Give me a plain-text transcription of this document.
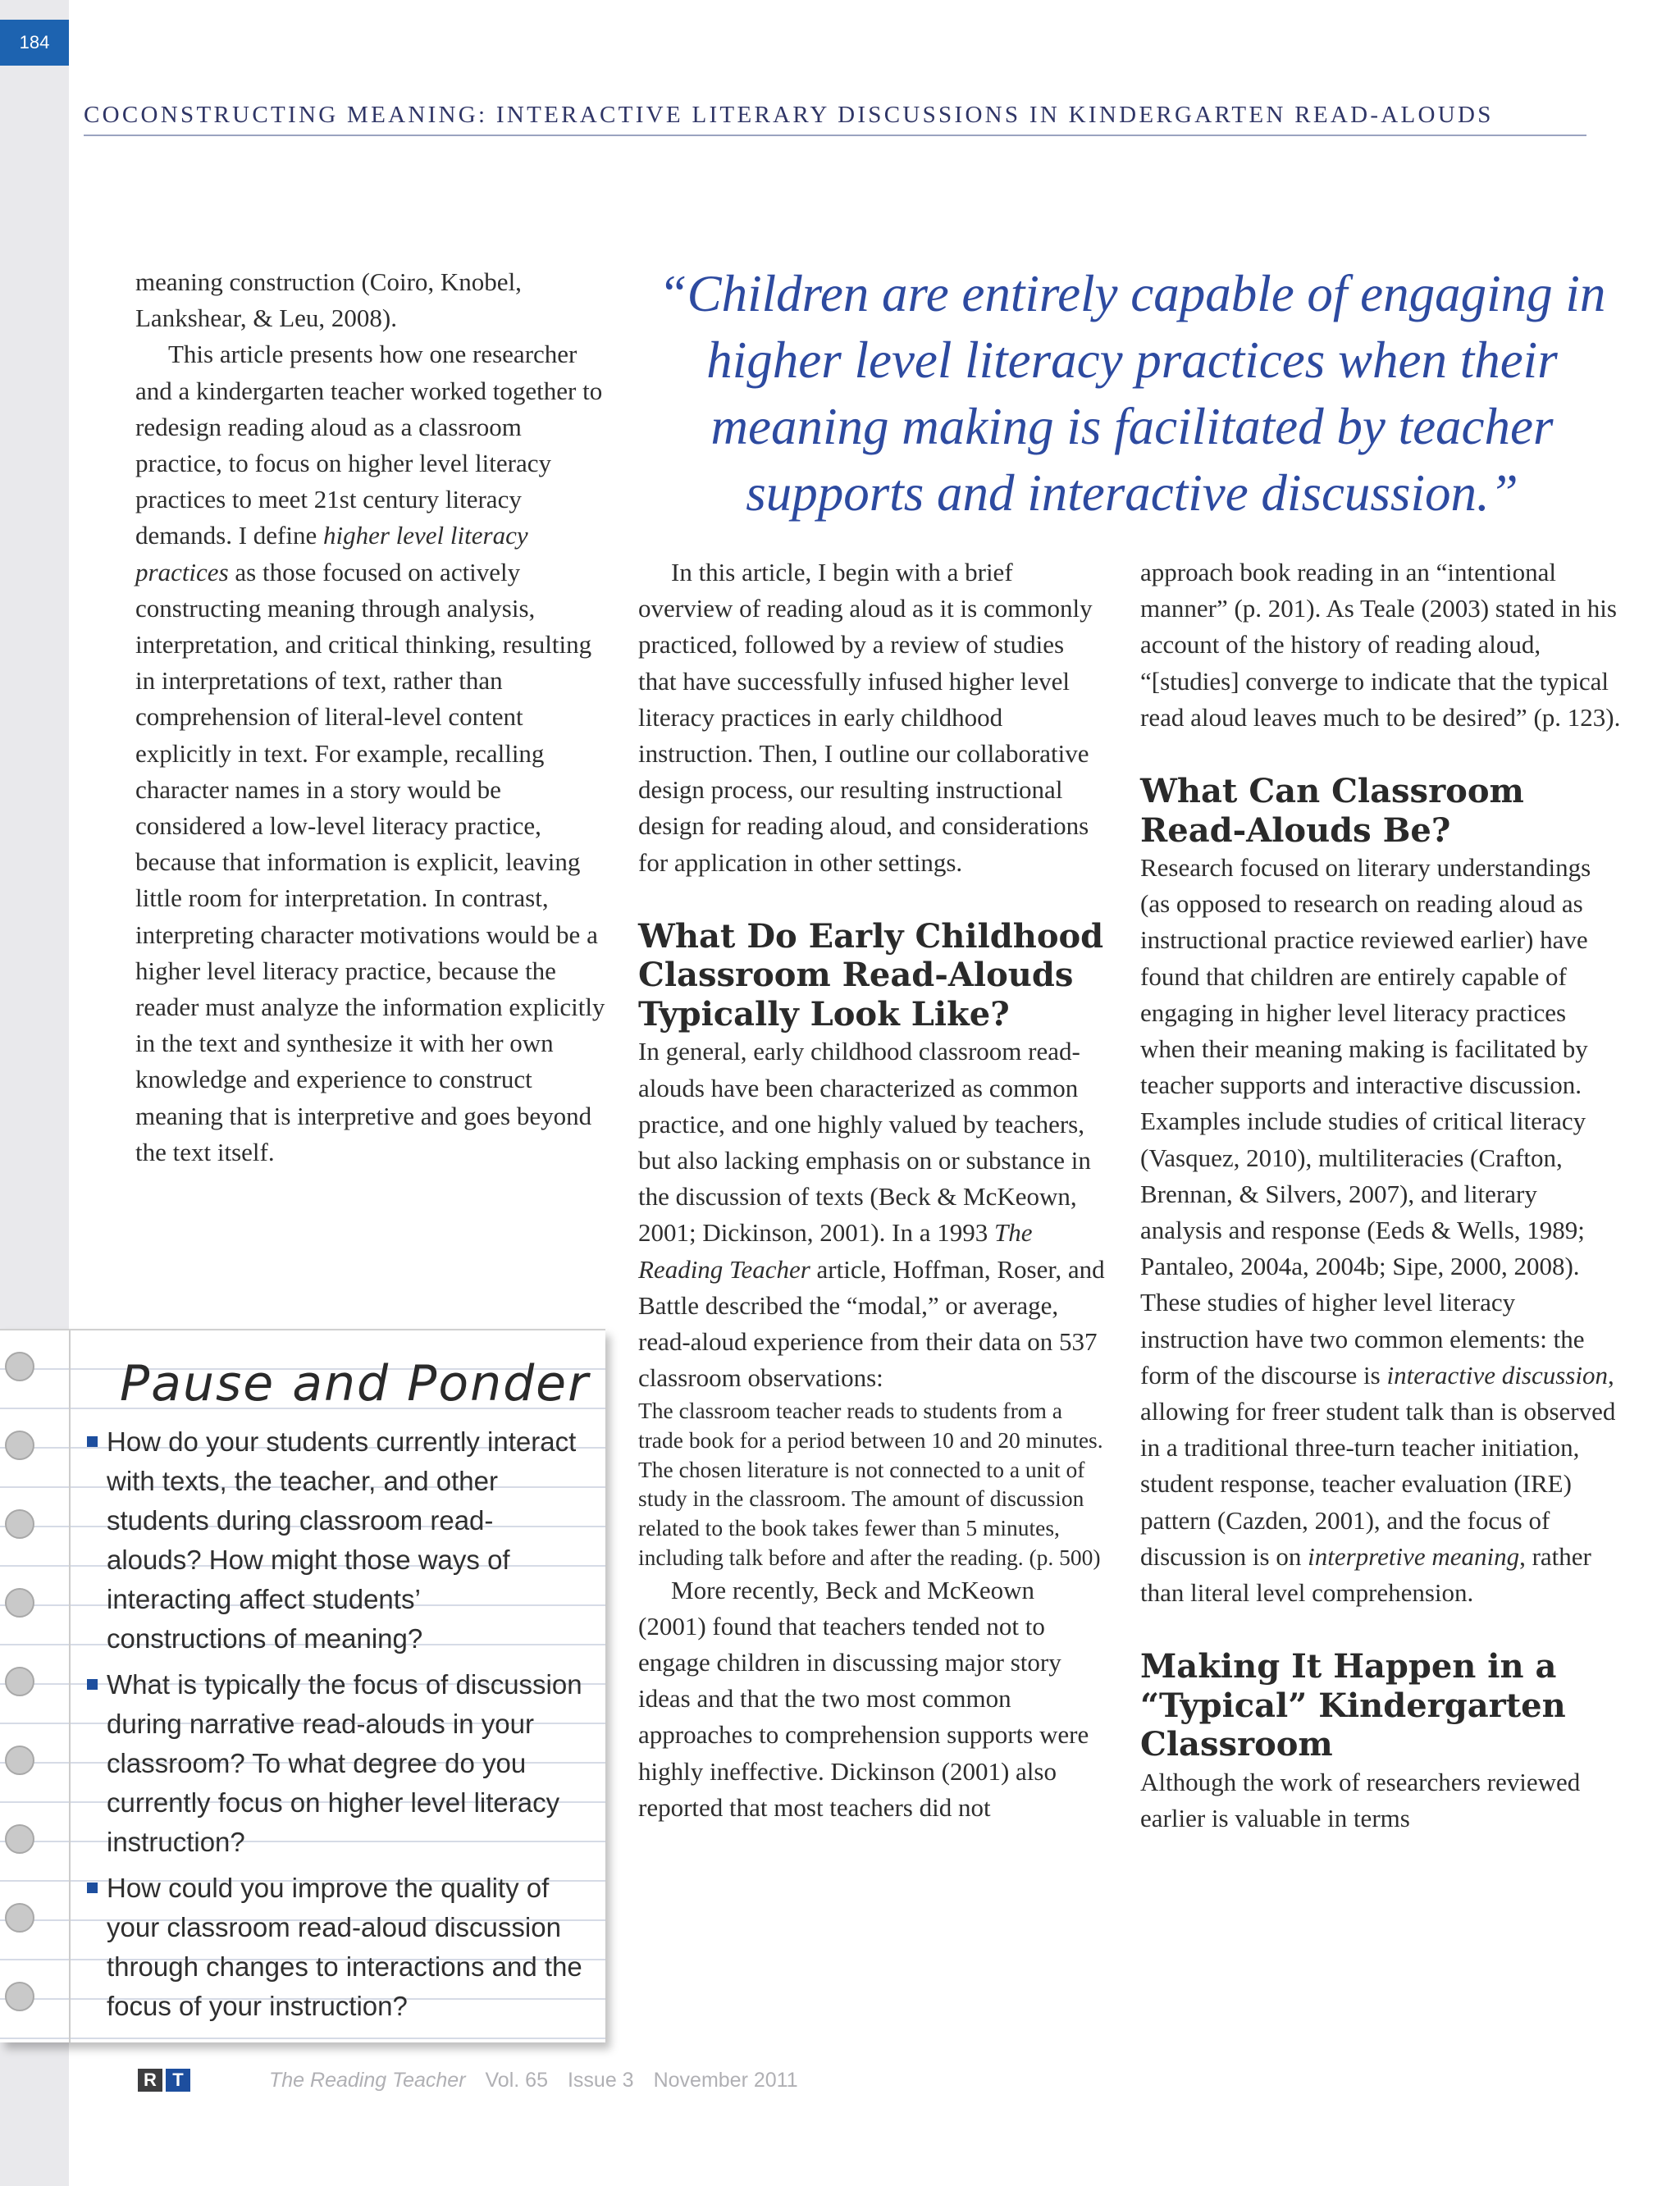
184
COCONSTRUCTING MEANING: INTERACTIVE LITERARY DISCUSSIONS IN KINDERGARTEN READ-ALOUDS

meaning construction (Coiro, Knobel, Lankshear, & Leu, 2008).

This article presents how one researcher and a kindergarten teacher worked together to redesign reading aloud as a classroom practice, to focus on higher level literacy practices to meet 21st century literacy demands. I define higher level literacy practices as those focused on actively constructing meaning through analysis, interpretation, and critical thinking, resulting in interpretations of text, rather than comprehension of literal-level content explicitly in text. For example, recalling character names in a story would be considered a low-level literacy practice, because that information is explicit, leaving little room for interpretation. In contrast, interpreting character motivations would be a higher level literacy practice, because the reader must analyze the information explicitly in the text and synthesize it with her own knowledge and experience to construct meaning that is interpretive and goes beyond the text itself.

“Children are entirely capable of engaging in higher level literacy practices when their meaning making is facilitated by teacher supports and interactive discussion.”

In this article, I begin with a brief overview of reading aloud as it is commonly practiced, followed by a review of studies that have successfully infused higher level literacy practices in early childhood instruction. Then, I outline our collaborative design process, our resulting instructional design for reading aloud, and considerations for application in other settings.

What Do Early Childhood Classroom Read-Alouds Typically Look Like?

In general, early childhood classroom read-alouds have been characterized as common practice, and one highly valued by teachers, but also lacking emphasis on or substance in the discussion of texts (Beck & McKeown, 2001; Dickinson, 2001). In a 1993 The Reading Teacher article, Hoffman, Roser, and Battle described the “modal,” or average, read-aloud experience from their data on 537 classroom observations:

The classroom teacher reads to students from a trade book for a period between 10 and 20 minutes. The chosen literature is not connected to a unit of study in the classroom. The amount of discussion related to the book takes fewer than 5 minutes, including talk before and after the reading. (p. 500)

More recently, Beck and McKeown (2001) found that teachers tended not to engage children in discussing major story ideas and that the two most common approaches to comprehension supports were highly ineffective. Dickinson (2001) also reported that most teachers did not

approach book reading in an “intentional manner” (p. 201). As Teale (2003) stated in his account of the history of reading aloud, “[studies] converge to indicate that the typical read aloud leaves much to be desired” (p. 123).

What Can Classroom Read-Alouds Be?

Research focused on literary understandings (as opposed to research on reading aloud as instructional practice reviewed earlier) have found that children are entirely capable of engaging in higher level literacy practices when their meaning making is facilitated by teacher supports and interactive discussion. Examples include studies of critical literacy (Vasquez, 2010), multiliteracies (Crafton, Brennan, & Silvers, 2007), and literary analysis and response (Eeds & Wells, 1989; Pantaleo, 2004a, 2004b; Sipe, 2000, 2008). These studies of higher level literacy instruction have two common elements: the form of the discourse is interactive discussion, allowing for freer student talk than is observed in a traditional three-turn teacher initiation, student response, teacher evaluation (IRE) pattern (Cazden, 2001), and the focus of discussion is on interpretive meaning, rather than literal level comprehension.

Making It Happen in a “Typical” Kindergarten Classroom

Although the work of researchers reviewed earlier is valuable in terms

Pause and Ponder
How do your students currently interact with texts, the teacher, and other students during classroom read-alouds? How might those ways of interacting affect students’ constructions of meaning?
What is typically the focus of discussion during narrative read-alouds in your classroom? To what degree do you currently focus on higher level literacy instruction?
How could you improve the quality of your classroom read-aloud discussion through changes to interactions and the focus of your instruction?
R T	The Reading Teacher Vol. 65 Issue 3 November 2011
